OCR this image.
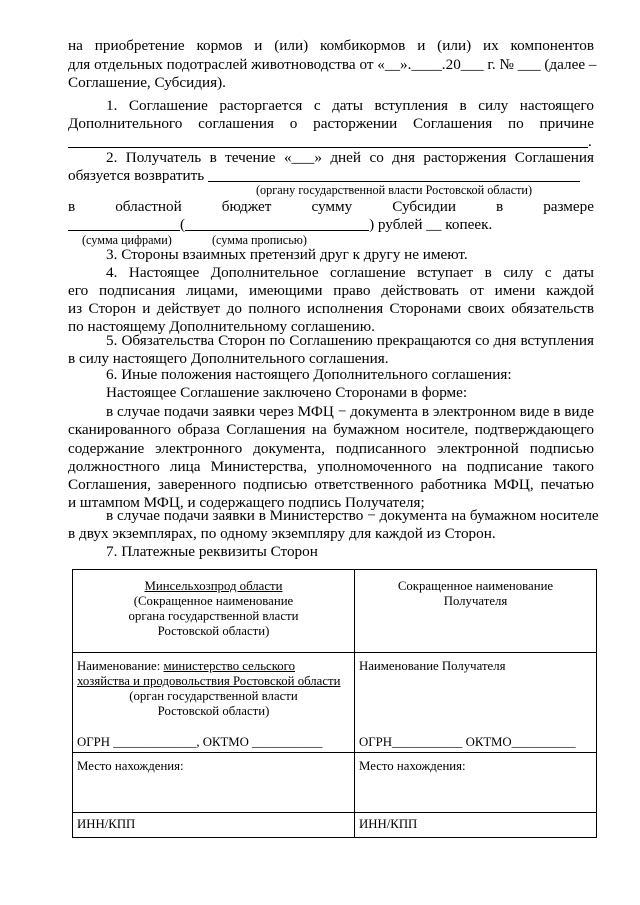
на приобретение кормов и (или) комбикормов и (или) их компонентов
для отдельных подотраслей животноводства от «__».____.20___ г. № ___ (далее –
Соглашение, Субсидия).
1. Соглашение расторгается с даты вступления в силу настоящего
Дополнительного соглашения о расторжении Соглашения по причине
.
2. Получатель в течение «___» дней со дня расторжения Соглашения
обязуется возвратить
(органу государственной власти Ростовской области)
в областной бюджет сумму Субсидии в размере
(	) рублей __ копеек.
(сумма цифрами)	(сумма прописью)
3. Стороны взаимных претензий друг к другу не имеют.
4. Настоящее Дополнительное соглашение вступает в силу с даты
его подписания лицами, имеющими право действовать от имени каждой
из Сторон и действует до полного исполнения Сторонами своих обязательств
по настоящему Дополнительному соглашению.
5. Обязательства Сторон по Соглашению прекращаются со дня вступления
в силу настоящего Дополнительного соглашения.
6. Иные положения настоящего Дополнительного соглашения:
Настоящее Соглашение заключено Сторонами в форме:
в случае подачи заявки через МФЦ − документа в электронном виде в виде
сканированного образа Соглашения на бумажном носителе, подтверждающего
содержание электронного документа, подписанного электронной подписью
должностного лица Министерства, уполномоченного на подписание такого
Соглашения, заверенного подписью ответственного работника МФЦ, печатью
и штампом МФЦ, и содержащего подпись Получателя;
в случае подачи заявки в Министерство − документа на бумажном носителе
в двух экземплярах, по одному экземпляру для каждой из Сторон.
7. Платежные реквизиты Сторон
Минсельхозпрод области
(Сокращенное наименование
органа государственной власти
Ростовской области)	Сокращенное наименование
Получателя

Наименование: министерство сельского
хозяйства и продовольствия Ростовской области
(орган государственной власти
Ростовской области)
ОГРН _____________, ОКТМО ___________	Наименование Получателя
ОГРН___________ ОКТМО__________

Место нахождения:	Место нахождения:
ИНН/КПП	ИНН/КПП
